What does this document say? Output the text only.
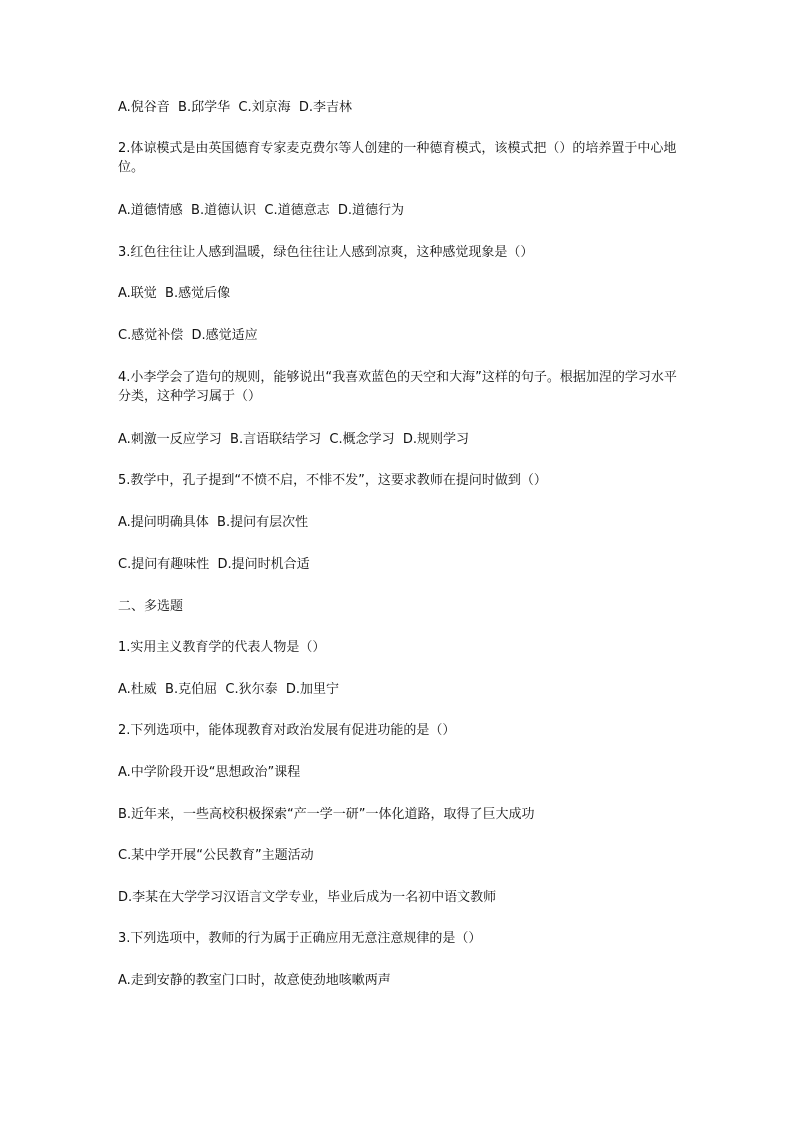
A.倪谷音  B.邱学华  C.刘京海  D.李吉林
2.体谅模式是由英国德育专家麦克费尔等人创建的一种德育模式，该模式把（）的培养置于中心地位。
A.道德情感  B.道德认识  C.道德意志  D.道德行为
3.红色往往让人感到温暖，绿色往往让人感到凉爽，这种感觉现象是（）
A.联觉  B.感觉后像
C.感觉补偿  D.感觉适应
4.小李学会了造句的规则，能够说出“我喜欢蓝色的天空和大海”这样的句子。根据加涅的学习水平分类，这种学习属于（）
A.刺激一反应学习  B.言语联结学习  C.概念学习  D.规则学习
5.教学中，孔子提到“不愤不启，不悱不发”，这要求教师在提问时做到（）
A.提问明确具体  B.提问有层次性
C.提问有趣味性  D.提问时机合适
二、多选题
1.实用主义教育学的代表人物是（）
A.杜威  B.克伯屈  C.狄尔泰  D.加里宁
2.下列选项中，能体现教育对政治发展有促进功能的是（）
A.中学阶段开设“思想政治”课程
B.近年来，一些高校积极探索“产一学一研”一体化道路，取得了巨大成功
C.某中学开展“公民教育”主题活动
D.李某在大学学习汉语言文学专业，毕业后成为一名初中语文教师
3.下列选项中，教师的行为属于正确应用无意注意规律的是（）
A.走到安静的教室门口时，故意使劲地咳嗽两声
